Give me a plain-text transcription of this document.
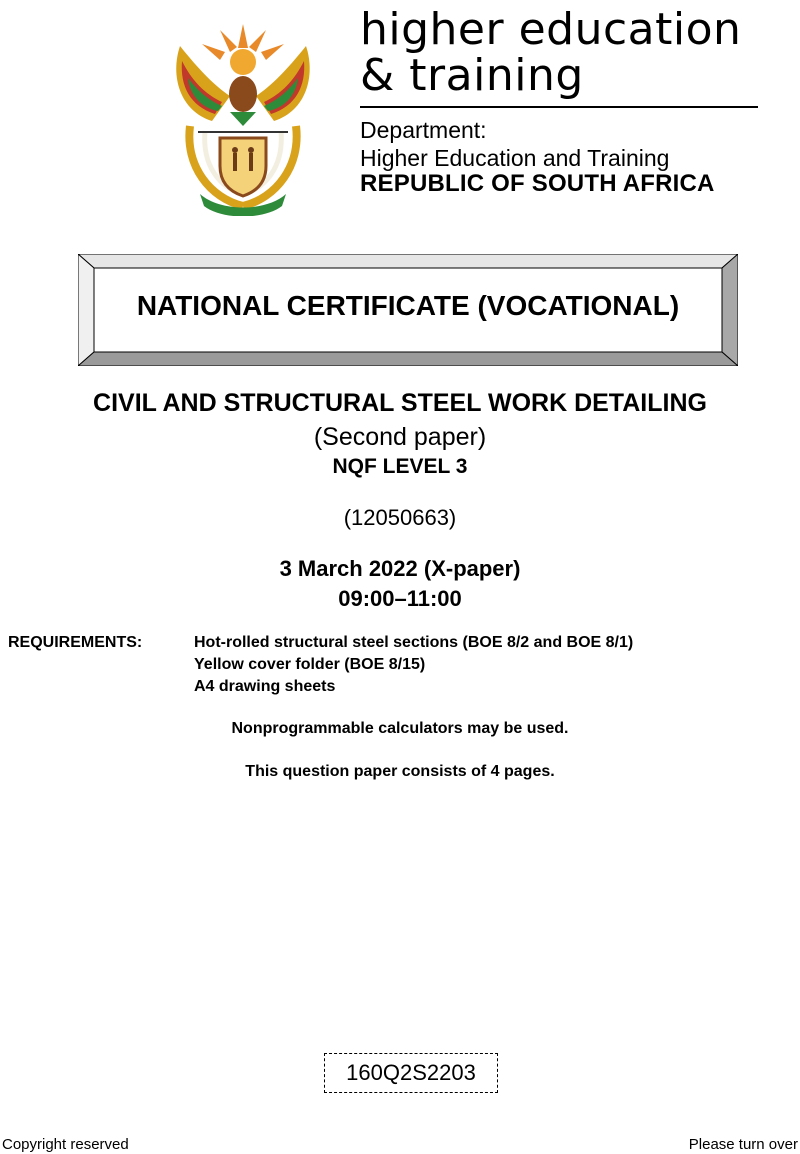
higher education
& training
Department:
Higher Education and Training
REPUBLIC OF SOUTH AFRICA
NATIONAL CERTIFICATE (VOCATIONAL)
CIVIL AND STRUCTURAL STEEL WORK DETAILING
(Second paper)
NQF LEVEL 3
(12050663)
3 March 2022 (X-paper)
09:00–11:00
REQUIREMENTS:	Hot-rolled structural steel sections (BOE 8/2 and BOE 8/1)
Yellow cover folder (BOE 8/15)
A4 drawing sheets
Nonprogrammable calculators may be used.
This question paper consists of 4 pages.
160Q2S2203
Copyright reserved	Please turn over
